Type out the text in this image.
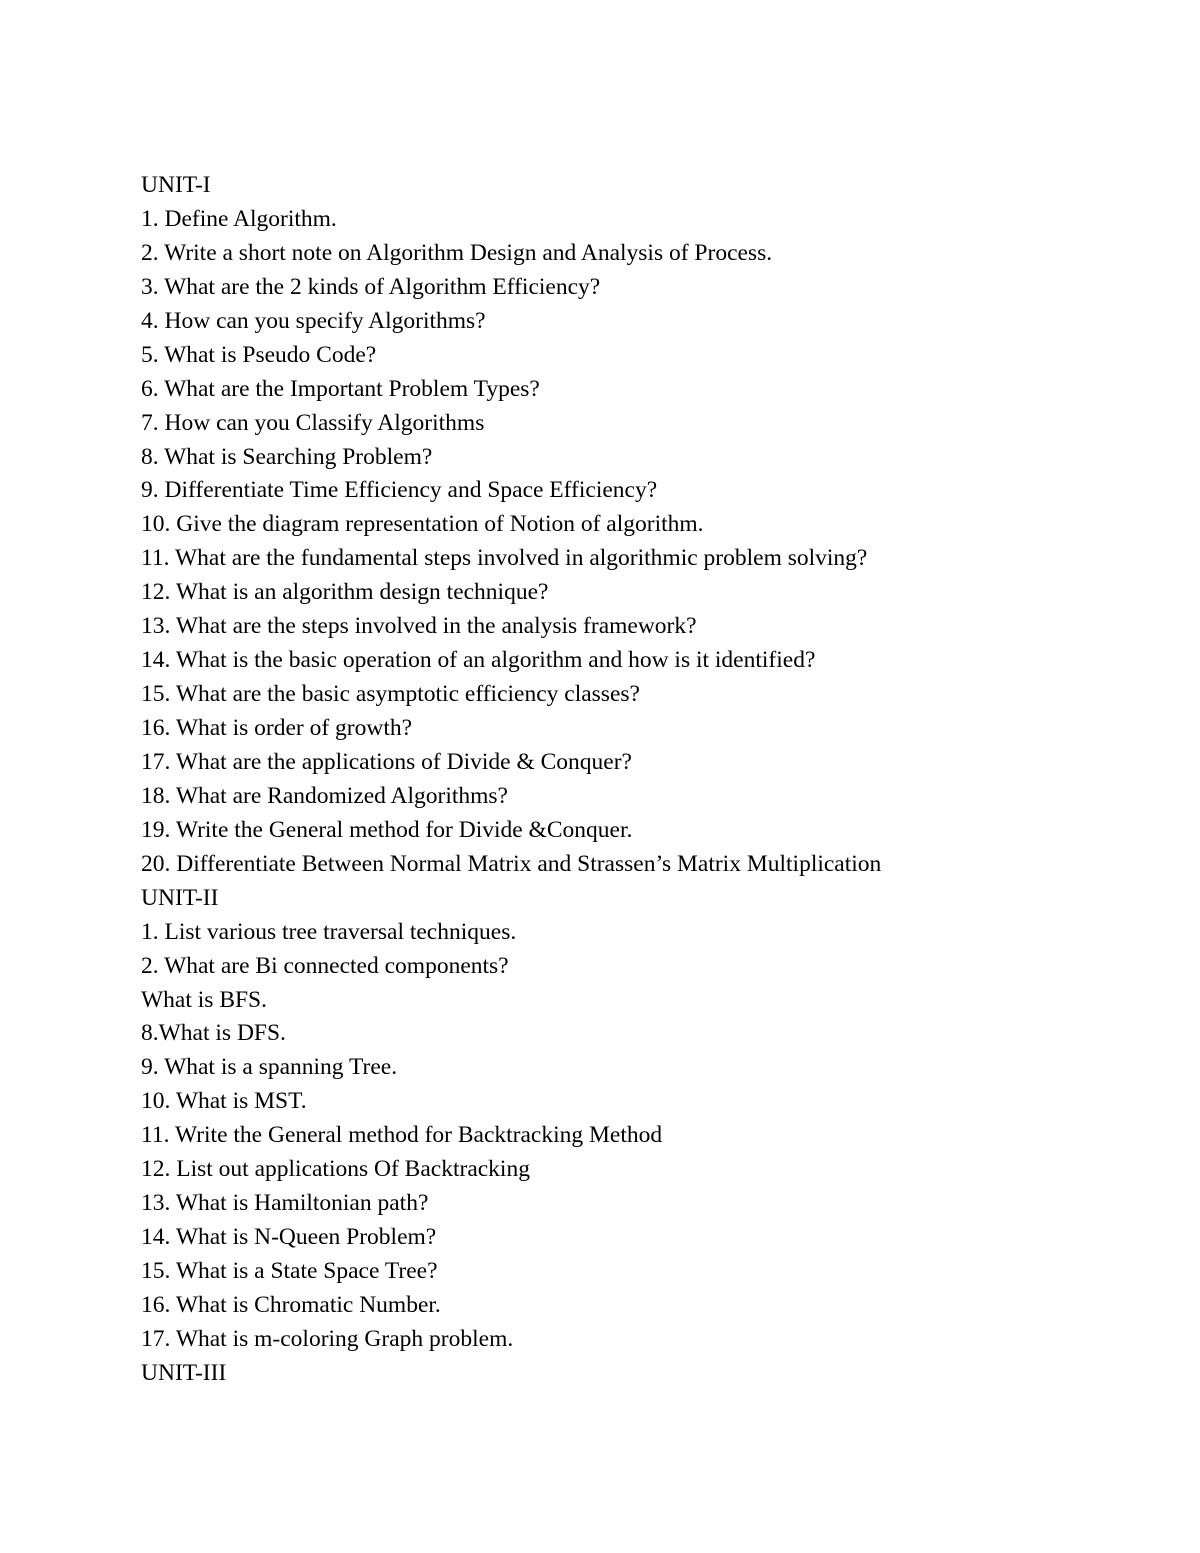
UNIT-I
1. Define Algorithm.
2. Write a short note on Algorithm Design and Analysis of Process.
3. What are the 2 kinds of Algorithm Efficiency?
4. How can you specify Algorithms?
5. What is Pseudo Code?
6. What are the Important Problem Types?
7. How can you Classify Algorithms
8. What is Searching Problem?
9. Differentiate Time Efficiency and Space Efficiency?
10. Give the diagram representation of Notion of algorithm.
11. What are the fundamental steps involved in algorithmic problem solving?
12. What is an algorithm design technique?
13. What are the steps involved in the analysis framework?
14. What is the basic operation of an algorithm and how is it identified?
15. What are the basic asymptotic efficiency classes?
16. What is order of growth?
17. What are the applications of Divide & Conquer?
18. What are Randomized Algorithms?
19. Write the General method for Divide &Conquer.
20. Differentiate Between Normal Matrix and Strassen’s Matrix Multiplication
UNIT-II
1. List various tree traversal techniques.
2. What are Bi connected components?
What is BFS.
8.What is DFS.
9. What is a spanning Tree.
10. What is MST.
11. Write the General method for Backtracking Method
12. List out applications Of Backtracking
13. What is Hamiltonian path?
14. What is N-Queen Problem?
15. What is a State Space Tree?
16. What is Chromatic Number.
17. What is m-coloring Graph problem.
UNIT-III
